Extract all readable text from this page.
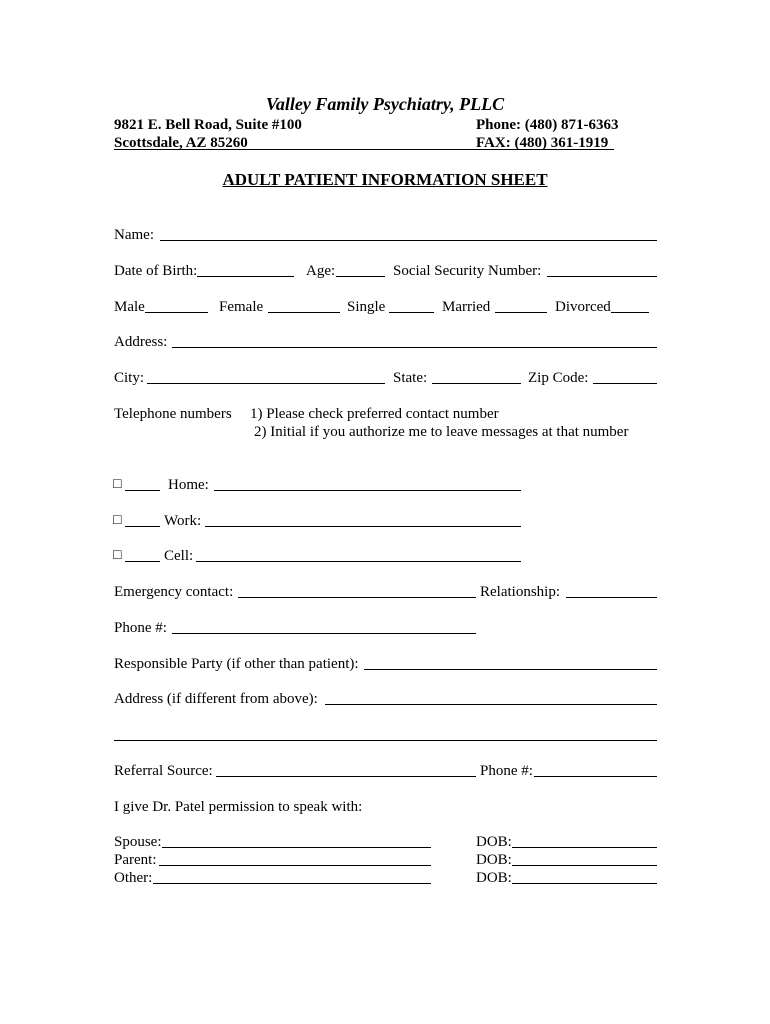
Valley Family Psychiatry, PLLC
9821 E. Bell Road, Suite #100	Phone: (480) 871-6363
Scottsdale, AZ 85260	FAX: (480) 361-1919
ADULT PATIENT INFORMATION SHEET
Name:
Date of Birth:	Age:	Social Security Number:
Male	Female	Single	Married	Divorced
Address:
City:	State:	Zip Code:
Telephone numbers 1) Please check preferred contact number
2) Initial if you authorize me to leave messages at that number
□	Home:
□	Work:
□	Cell:
Emergency contact:	Relationship:
Phone #:
Responsible Party (if other than patient):
Address (if different from above):
Referral Source:	Phone #:
I give Dr. Patel permission to speak with:
Spouse:	DOB:
Parent:	DOB:
Other:	DOB:
